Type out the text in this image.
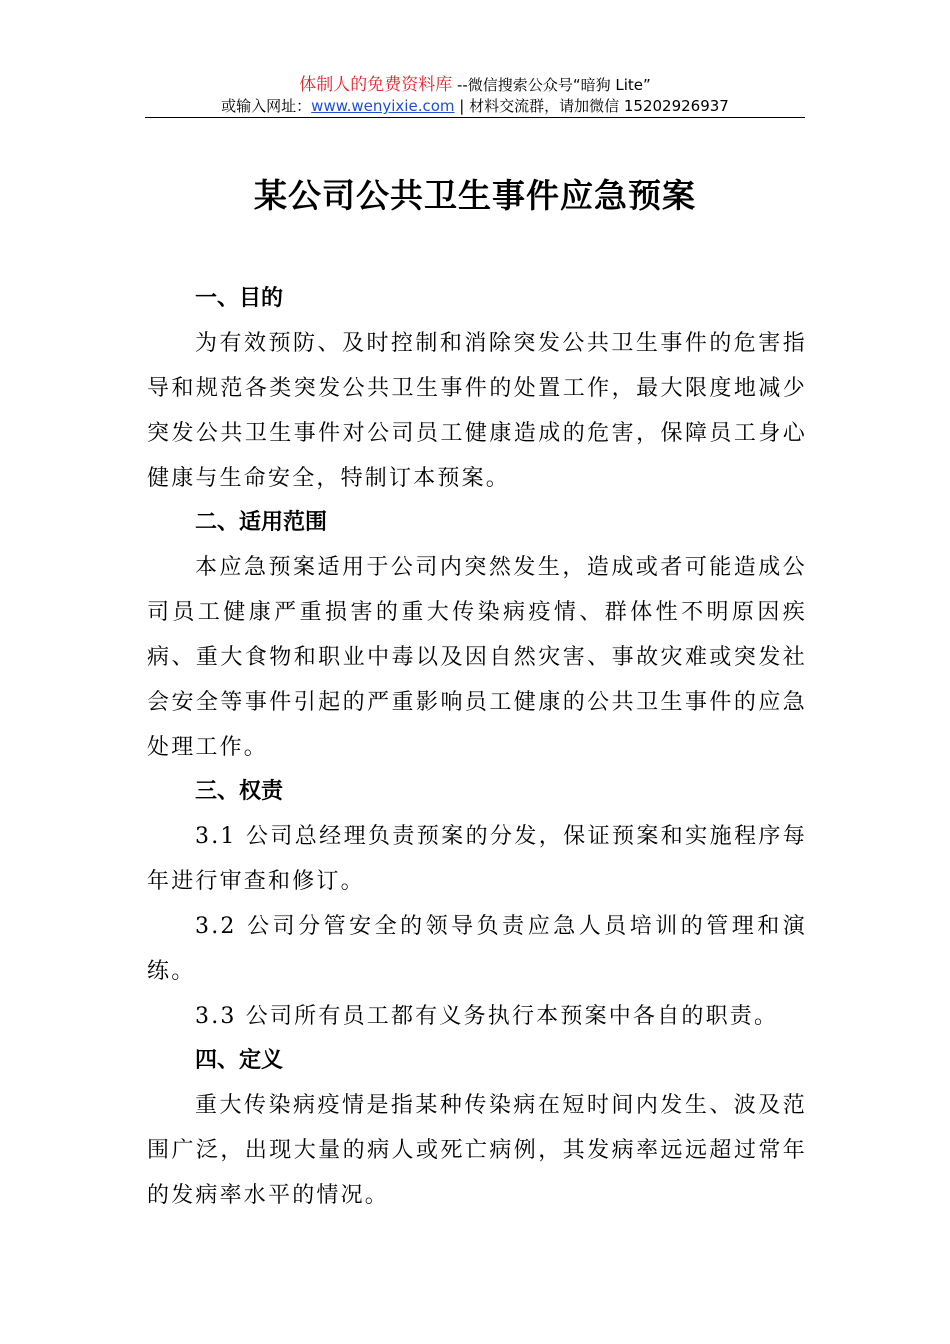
体制人的免费资料库 --微信搜索公众号“暗狗 Lite”
或输入网址：www.wenyixie.com | 材料交流群，请加微信 15202926937
某公司公共卫生事件应急预案
一、目的

为有效预防、及时控制和消除突发公共卫生事件的危害指导和规范各类突发公共卫生事件的处置工作，最大限度地减少突发公共卫生事件对公司员工健康造成的危害，保障员工身心健康与生命安全，特制订本预案。

二、适用范围

本应急预案适用于公司内突然发生，造成或者可能造成公司员工健康严重损害的重大传染病疫情、群体性不明原因疾病、重大食物和职业中毒以及因自然灾害、事故灾难或突发社会安全等事件引起的严重影响员工健康的公共卫生事件的应急处理工作。

三、权责

3.1 公司总经理负责预案的分发，保证预案和实施程序每年进行审查和修订。

3.2 公司分管安全的领导负责应急人员培训的管理和演练。

3.3 公司所有员工都有义务执行本预案中各自的职责。

四、定义

重大传染病疫情是指某种传染病在短时间内发生、波及范围广泛，出现大量的病人或死亡病例，其发病率远远超过常年的发病率水平的情况。
